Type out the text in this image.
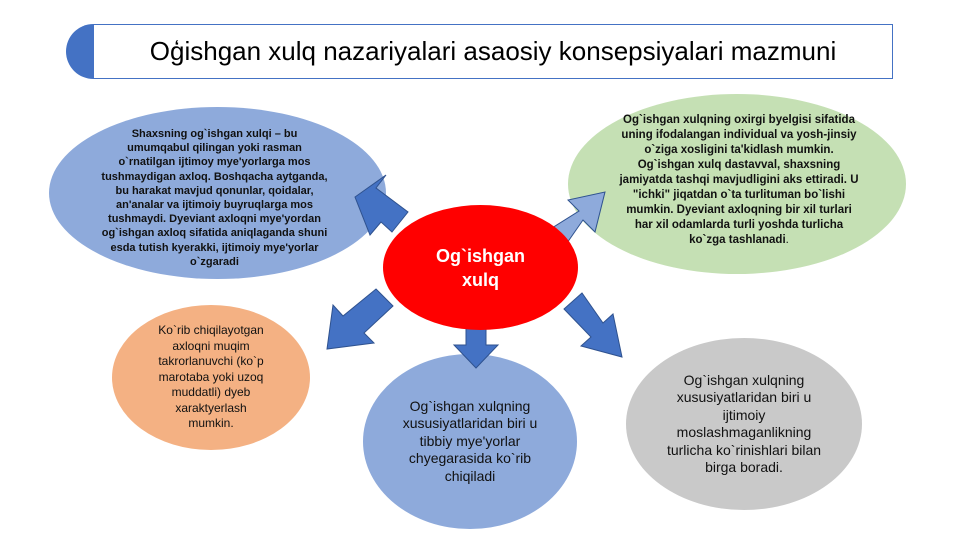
Oģishgan xulq nazariyalari asaosiy konsepsiyalari mazmuni
Shaxsning og`ishgan xulqi – bu umumqabul qilingan yoki rasman o`rnatilgan ijtimoy mye'yorlarga mos tushmaydigan axloq. Boshqacha aytganda, bu harakat mavjud qonunlar, qoidalar, an'analar va ijtimoiy buyruqlarga mos tushmaydi. Dyeviant axloqni mye'yordan og`ishgan axloq sifatida aniqlaganda shuni esda tutish kyerakki, ijtimoiy mye'yorlar o`zgaradi
Og`ishgan xulqning oxirgi byelgisi sifatida uning ifodalangan individual va yosh-jinsiy o`ziga xosligini ta'kidlash mumkin. Og`ishgan xulq dastavval, shaxsning jamiyatda tashqi mavjudligini aks ettiradi. U "ichki" jiqatdan o`ta turlituman bo`lishi mumkin. Dyeviant axloqning bir xil turlari har xil odamlarda turli yoshda turlicha ko`zga tashlanadi.
Ko`rib chiqilayotgan axloqni muqim takrorlanuvchi (ko`p marotaba yoki uzoq muddatli) dyeb xaraktyerlash mumkin.
Og`ishgan xulqning xususiyatlaridan biri u tibbiy mye'yorlar chyegarasida ko`rib chiqiladi
Og`ishgan xulqning xususiyatlaridan biri u ijtimoiy moslashmaganlikning turlicha ko`rinishlari bilan birga boradi.
Og`ishgan xulq
